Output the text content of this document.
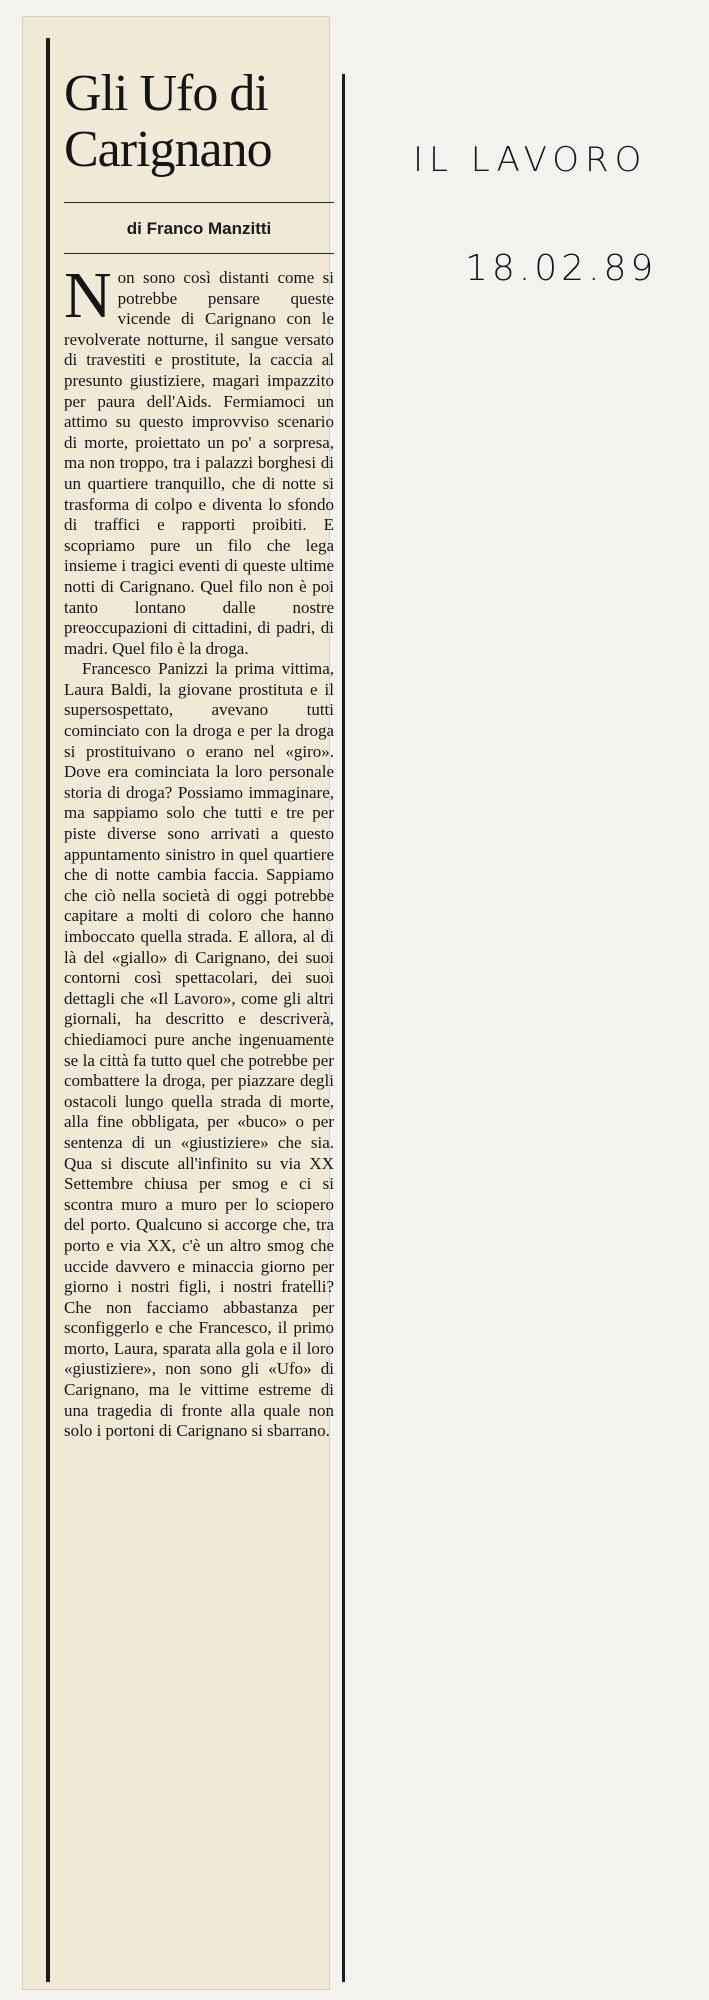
Gli Ufo di
Carignano
di Franco Manzitti

Non sono così distanti come si potrebbe pensare queste vicende di Carignano con le revolverate notturne, il sangue versato di travestiti e prostitute, la caccia al presunto giustiziere, magari impazzito per paura dell'Aids. Fermiamoci un attimo su questo improvviso scenario di morte, proiettato un po' a sorpresa, ma non troppo, tra i palazzi borghesi di un quartiere tranquillo, che di notte si trasforma di colpo e diventa lo sfondo di traffici e rapporti proibiti. E scopriamo pure un filo che lega insieme i tragici eventi di queste ultime notti di Carignano. Quel filo non è poi tanto lontano dalle nostre preoccupazioni di cittadini, di padri, di madri. Quel filo è la droga.

Francesco Panizzi la prima vittima, Laura Baldi, la giovane prostituta e il supersospettato, avevano tutti cominciato con la droga e per la droga si prostituivano o erano nel «giro». Dove era cominciata la loro personale storia di droga? Possiamo immaginare, ma sappiamo solo che tutti e tre per piste diverse sono arrivati a questo appuntamento sinistro in quel quartiere che di notte cambia faccia. Sappiamo che ciò nella società di oggi potrebbe capitare a molti di coloro che hanno imboccato quella strada. E allora, al di là del «giallo» di Carignano, dei suoi contorni così spettacolari, dei suoi dettagli che «Il Lavoro», come gli altri giornali, ha descritto e descriverà, chiediamoci pure anche ingenuamente se la città fa tutto quel che potrebbe per combattere la droga, per piazzare degli ostacoli lungo quella strada di morte, alla fine obbligata, per «buco» o per sentenza di un «giustiziere» che sia. Qua si discute all'infinito su via XX Settembre chiusa per smog e ci si scontra muro a muro per lo sciopero del porto. Qualcuno si accorge che, tra porto e via XX, c'è un altro smog che uccide davvero e minaccia giorno per giorno i nostri figli, i nostri fratelli? Che non facciamo abbastanza per sconfiggerlo e che Francesco, il primo morto, Laura, sparata alla gola e il loro «giustiziere», non sono gli «Ufo» di Carignano, ma le vittime estreme di una tragedia di fronte alla quale non solo i portoni di Carignano si sbarrano.

IL LAVORO
18.02.89
